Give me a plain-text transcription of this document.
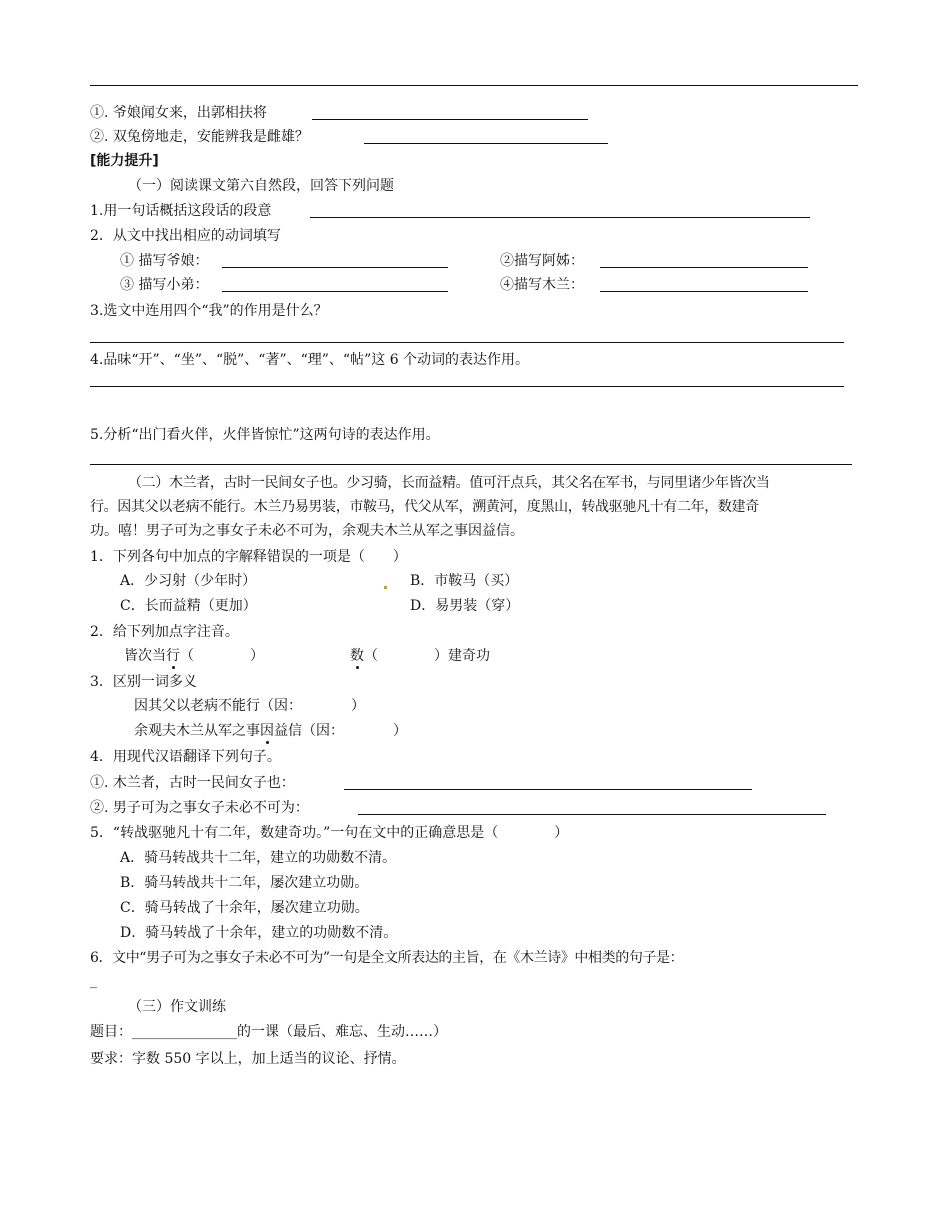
①. 爷娘闻女来，出郭相扶将
②. 双兔傍地走，安能辨我是雌雄？
[能力提升]
（一）阅读课文第六自然段，回答下列问题
1.用一句话概括这段话的段意
2．从文中找出相应的动词填写
① 描写爷娘：	②描写阿姊：
③ 描写小弟：	④描写木兰：
3.选文中连用四个“我”的作用是什么？
4.品味“开”、“坐”、“脱”、“著”、“理”、“帖”这 6 个动词的表达作用。
5.分析“出门看火伴，火伴皆惊忙”这两句诗的表达作用。
（二）木兰者，古时一民间女子也。少习骑，长而益精。值可汗点兵，其父名在军书，与同里诸少年皆次当
行。因其父以老病不能行。木兰乃易男装，市鞍马，代父从军，溯黄河，度黑山，转战驱驰凡十有二年，数建奇
功。嘻！男子可为之事女子未必不可为，余观夫木兰从军之事因益信。
1．下列各句中加点的字解释错误的一项是（　　）
A．少习射（少年时）	B．市鞍马（买）
C．长而益精（更加）	D．易男装（穿）
2．给下列加点字注音。
皆次当行（　　　　）	数（　　　　）建奇功
3．区别一词多义
因其父以老病不能行（因：　　　　）
余观夫木兰从军之事因益信（因：　　　　）
4．用现代汉语翻译下列句子。
①. 木兰者，古时一民间女子也：
②. 男子可为之事女子未必不可为：
5．“转战驱驰凡十有二年，数建奇功。”一句在文中的正确意思是（　　　　）
A．骑马转战共十二年，建立的功勋数不清。
B．骑马转战共十二年，屡次建立功勋。
C．骑马转战了十余年，屡次建立功勋。
D．骑马转战了十余年，建立的功勋数不清。
6．文中“男子可为之事女子未必不可为”一句是全文所表达的主旨，在《木兰诗》中相类的句子是：
_
（三）作文训练
题目：_______________的一课（最后、难忘、生动……）
要求：字数 550 字以上，加上适当的议论、抒情。
